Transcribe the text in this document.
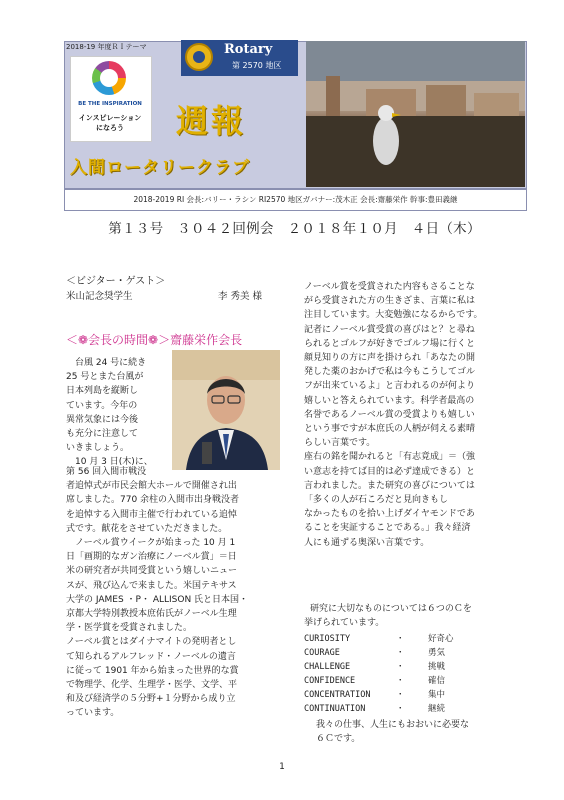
2018-19 年度ＲＩテーマ
BE THE INSPIRATION
インスピレーション
になろう
Rotary
第 2570 地区
週報
入間ロータリークラブ
2018-2019 RI 会長:バリー・ラシン RI2570 地区ガバナー:茂木正 会長:齋藤栄作 幹事:豊田義継
第１３号　３０４２回例会　２０１８年１０月　４日（木）
＜ビジター・ゲスト＞
米山記念奨学生	李 秀美 様
＜❁会長の時間❁＞齋藤栄作会長
台風 24 号に続き
25 号とまた台風が
日本列島を縦断し
ています。今年の
異常気象には今後
も充分に注意して
いきましょう。
10 月 3 日(木)に、
第 56 回入間市戦没
者追悼式が市民会館大ホールで開催され出
席しました。770 余柱の入間市出身戦没者
を追悼する入間市主催で行われている追悼
式です。献花をさせていただきました。
　ノーベル賞ウイークが始まった 10 月 1
日「画期的なガン治療にノーベル賞」＝日
米の研究者が共同受賞という嬉しいニュー
スが、飛び込んで来ました。米国テキサス
大学の JAMES ・P・ ALLISON 氏と日本国・
京都大学特別教授本庶佑氏がノーベル生理
学・医学賞を受賞されました。
ノーベル賞とはダイナマイトの発明者とし
て知られるアルフレッド・ノーベルの遺言
に従って 1901 年から始まった世界的な賞
で物理学、化学、生理学・医学、文学、平
和及び経済学の５分野+１分野から成り立
っています。
ノーベル賞を受賞された内容もさることな
がら受賞された方の生きざま、言葉に私は
注目しています。大変勉強になるからです。
記者にノーベル賞受賞の喜びはと？と尋ね
られるとゴルフが好きでゴルフ場に行くと
顔見知りの方に声を掛けられ「あなたの開
発した薬のおかげで私は今もこうしてゴル
フが出来ているよ」と言われるのが何より
嬉しいと答えられています。科学者最高の
名誉であるノーベル賞の受賞よりも嬉しい
という事ですが本庶氏の人柄が伺える素晴
らしい言葉です。
座右の銘を聞かれると「有志竟成」＝（強
い意志を持てば目的は必ず達成できる）と
言われました。また研究の喜びについては
「多くの人が石ころだと見向きもし
なかったものを拾い上げダイヤモンドであ
ることを実証することである。」我々経済
人にも通ずる奥深い言葉です。
研究に大切なものについては６つのＣを
挙げられています。
CURIOSITY	・	好奇心
COURAGE	・	勇気
CHALLENGE	・	挑戦
CONFIDENCE	・	確信
CONCENTRATION	・	集中
CONTINUATION	・	継続
我々の仕事、人生にもおおいに必要な
６Ｃです。
1
